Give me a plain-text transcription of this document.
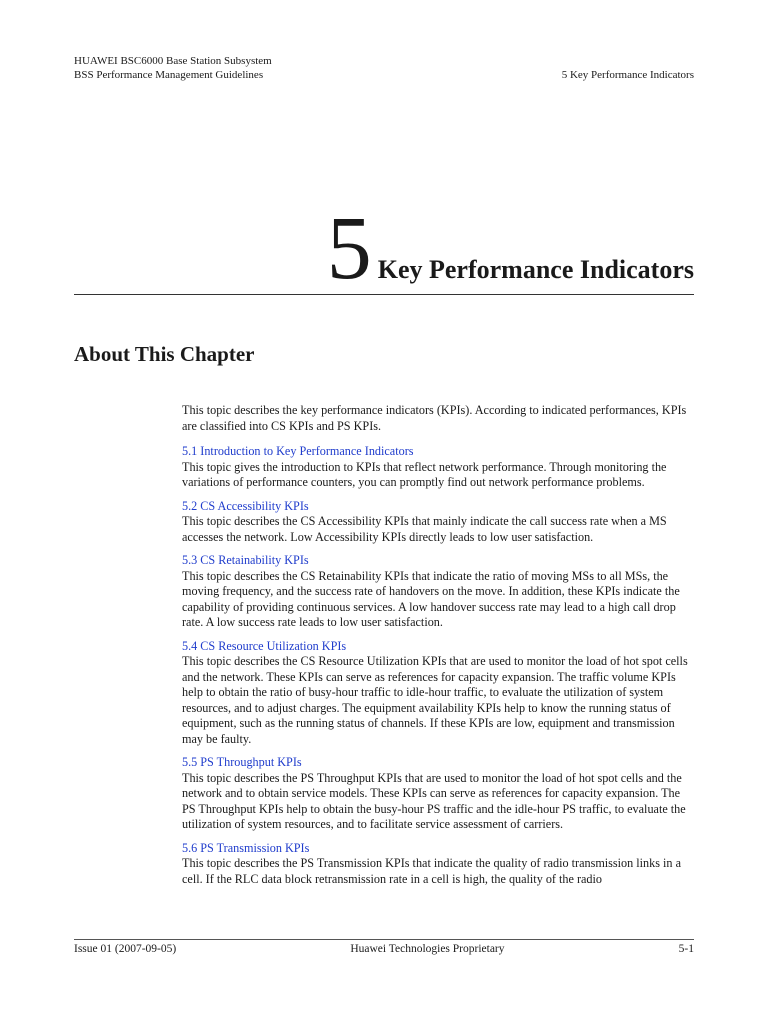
HUAWEI BSC6000 Base Station Subsystem
BSS Performance Management Guidelines	5 Key Performance Indicators
5 Key Performance Indicators
About This Chapter

This topic describes the key performance indicators (KPIs). According to indicated performances, KPIs are classified into CS KPIs and PS KPIs.

5.1 Introduction to Key Performance Indicators

This topic gives the introduction to KPIs that reflect network performance. Through monitoring the variations of performance counters, you can promptly find out network performance problems.

5.2 CS Accessibility KPIs

This topic describes the CS Accessibility KPIs that mainly indicate the call success rate when a MS accesses the network. Low Accessibility KPIs directly leads to low user satisfaction.

5.3 CS Retainability KPIs

This topic describes the CS Retainability KPIs that indicate the ratio of moving MSs to all MSs, the moving frequency, and the success rate of handovers on the move. In addition, these KPIs indicate the capability of providing continuous services. A low handover success rate may lead to a high call drop rate. A low success rate leads to low user satisfaction.

5.4 CS Resource Utilization KPIs

This topic describes the CS Resource Utilization KPIs that are used to monitor the load of hot spot cells and the network. These KPIs can serve as references for capacity expansion. The traffic volume KPIs help to obtain the ratio of busy-hour traffic to idle-hour traffic, to evaluate the utilization of system resources, and to adjust charges. The equipment availability KPIs help to know the running status of equipment, such as the running status of channels. If these KPIs are low, equipment and transmission may be faulty.

5.5 PS Throughput KPIs

This topic describes the PS Throughput KPIs that are used to monitor the load of hot spot cells and the network and to obtain service models. These KPIs can serve as references for capacity expansion. The PS Throughput KPIs help to obtain the busy-hour PS traffic and the idle-hour PS traffic, to evaluate the utilization of system resources, and to facilitate service assessment of carriers.

5.6 PS Transmission KPIs

This topic describes the PS Transmission KPIs that indicate the quality of radio transmission links in a cell. If the RLC data block retransmission rate in a cell is high, the quality of the radio

Issue 01 (2007-09-05)	Huawei Technologies Proprietary	5-1
